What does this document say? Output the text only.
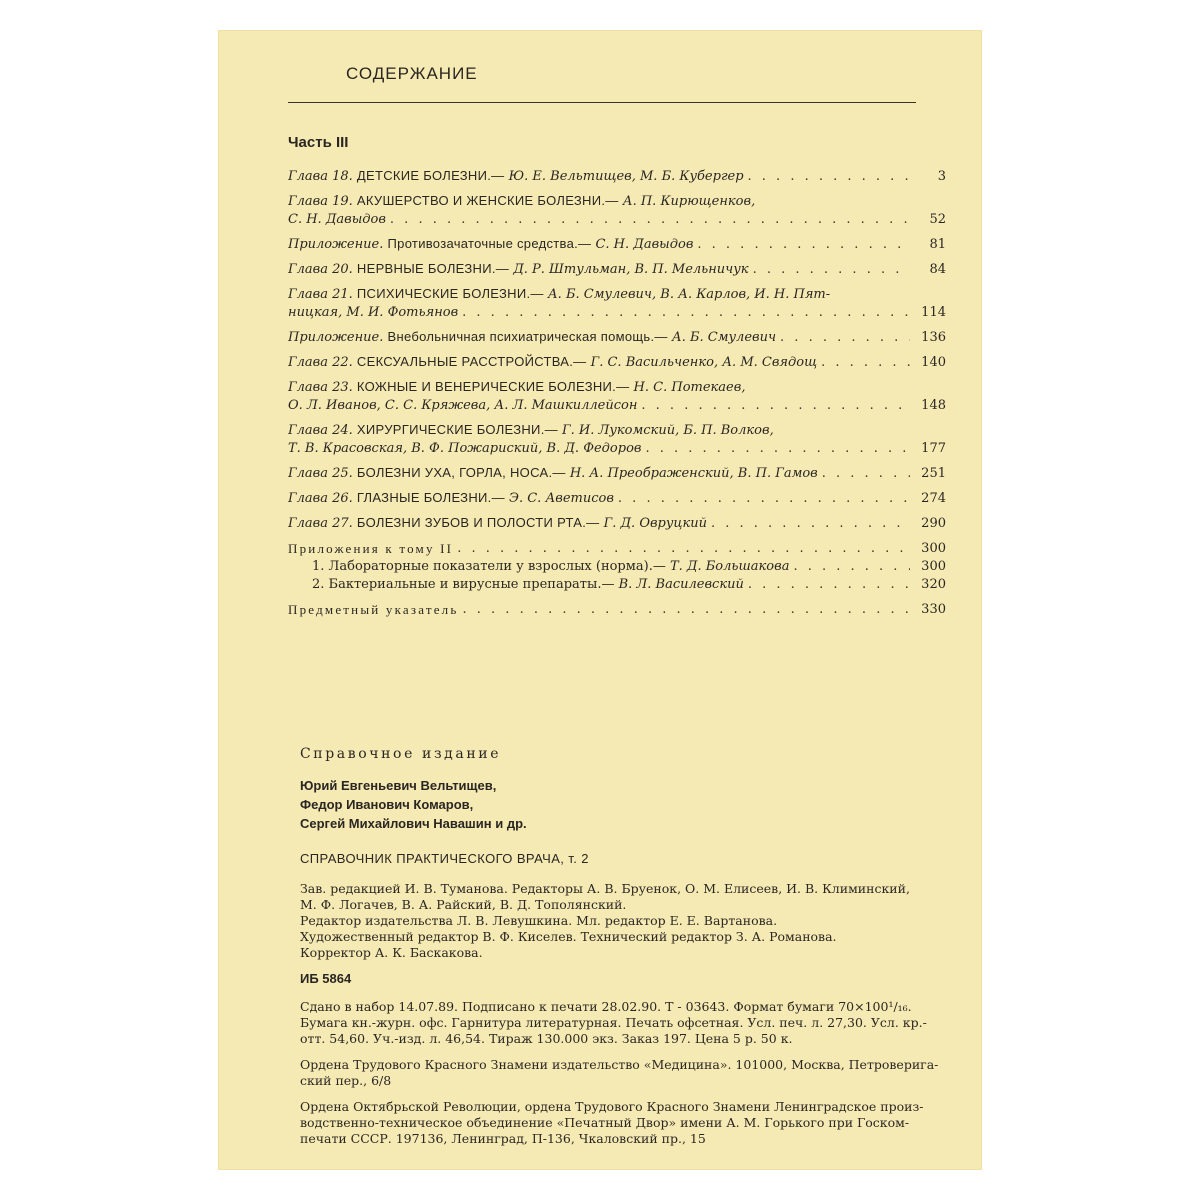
СОДЕРЖАНИЕ
Часть III
Глава 18. ДЕТСКИЕ БОЛЕЗНИ.— Ю. Е. Вельтищев, М. Б. Кубергер . . .	3
Глава 19. АКУШЕРСТВО И ЖЕНСКИЕ БОЛЕЗНИ.— А. П. Кирющенков,
С. Н. Давыдов . . .	52
Приложение. Противозачаточные средства.— С. Н. Давыдов . . .	81
Глава 20. НЕРВНЫЕ БОЛЕЗНИ.— Д. Р. Штульман, В. П. Мельничук . . .	84
Глава 21. ПСИХИЧЕСКИЕ БОЛЕЗНИ.— А. Б. Смулевич, В. А. Карлов, И. Н. Пят-
ницкая, М. И. Фотьянов . . .	114
Приложение. Внебольничная психиатрическая помощь.— А. Б. Смулевич . . .	136
Глава 22. СЕКСУАЛЬНЫЕ РАССТРОЙСТВА.— Г. С. Васильченко, А. М. Свядощ . . .	140
Глава 23. КОЖНЫЕ И ВЕНЕРИЧЕСКИЕ БОЛЕЗНИ.— Н. С. Потекаев,
О. Л. Иванов, С. С. Кряжева, А. Л. Машкиллейсон . . .	148
Глава 24. ХИРУРГИЧЕСКИЕ БОЛЕЗНИ.— Г. И. Лукомский, Б. П. Волков,
Т. В. Красовская, В. Ф. Пожариский, В. Д. Федоров . . .	177
Глава 25. БОЛЕЗНИ УХА, ГОРЛА, НОСА.— Н. А. Преображенский, В. П. Гамов . . .	251
Глава 26. ГЛАЗНЫЕ БОЛЕЗНИ.— Э. С. Аветисов . . .	274
Глава 27. БОЛЕЗНИ ЗУБОВ И ПОЛОСТИ РТА.— Г. Д. Овруцкий . . .	290
Приложения к тому II . . .	300
1. Лабораторные показатели у взрослых (норма).— Т. Д. Большакова . . .	300
2. Бактериальные и вирусные препараты.— В. Л. Василевский . . .	320
Предметный указатель . . .	330
Справочное издание
Юрий Евгеньевич Вельтищев,
Федор Иванович Комаров,
Сергей Михайлович Навашин и др.
СПРАВОЧНИК ПРАКТИЧЕСКОГО ВРАЧА, т. 2
Зав. редакцией И. В. Туманова. Редакторы А. В. Бруенок, О. М. Елисеев, И. В. Климинский,
М. Ф. Логачев, В. А. Райский, В. Д. Тополянский.
Редактор издательства Л. В. Левушкина. Мл. редактор Е. Е. Вартанова.
Художественный редактор В. Ф. Киселев. Технический редактор З. А. Романова.
Корректор А. К. Баскакова.
ИБ 5864
Сдано в набор 14.07.89. Подписано к печати 28.02.90. Т - 03643. Формат бумаги 70×100¹/₁₆.
Бумага кн.-журн. офс. Гарнитура литературная. Печать офсетная. Усл. печ. л. 27,30. Усл. кр.-
отт. 54,60. Уч.-изд. л. 46,54. Тираж 130.000 экз. Заказ 197. Цена 5 р. 50 к.
Ордена Трудового Красного Знамени издательство «Медицина». 101000, Москва, Петроверига-
ский пер., 6/8
Ордена Октябрьской Революции, ордена Трудового Красного Знамени Ленинградское произ-
водственно-техническое объединение «Печатный Двор» имени А. М. Горького при Госком-
печати СССР. 197136, Ленинград, П-136, Чкаловский пр., 15
